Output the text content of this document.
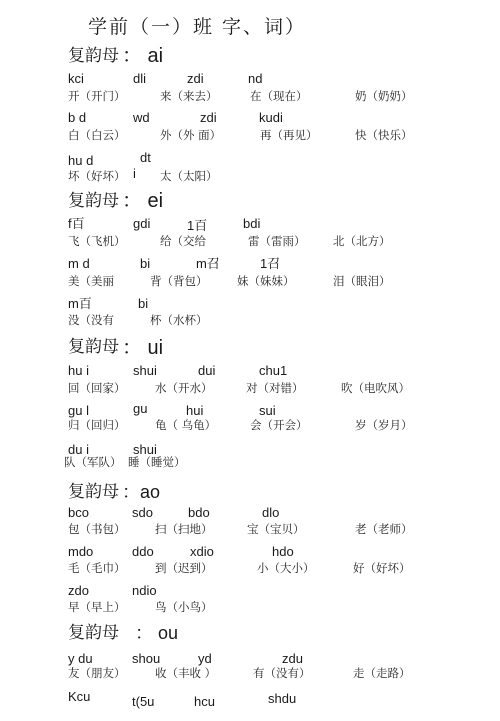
学前（一）班 字、词）
复韵母 ： ai
kci	dli	zdi	nd
开（开门）	来（来去）	在（现在）	奶（奶奶）
b d	wd	zdi	kudi
白（白云）	外（外 面）	再（再见）	快（快乐）
hu d	dt
i
坏（好坏）	太（太阳）
复韵母 ： ei
f百	gdi	1百	bdi
飞（飞机）	给（交给	雷（雷雨） 北（北方）
m d	bi	m召	1召
美（美丽	背（背包）	妹（妹妹）	泪（眼泪）
m百	bi
没（没有	杯（水杯）
复韵母 ： ui
hu i	shui	dui	chu1
回（回家）	水（开水）	对（对错）	吹（电吹风）
gu l	gu	hui	sui
归（回归）	龟（ 乌龟）	会（开会）	岁（岁月）
du i	shui
队（军队） 睡（睡觉）
复韵母 ：ao
bco	sdo	bdo	dlo
包（书包）	扫（扫地）	宝（宝贝）	老（老师）
mdo	ddo	xdio	hdo
毛（毛巾）	到（迟到）	小（大小）	好（好坏）
zdo	ndio
早（早上）	鸟（小鸟）
复韵母 ： ou
y du	shou	yd	zdu
友（朋友）	收（丰收 ）	有（没有）	走（走路）
Kcu	t(5u	hcu	shdu
